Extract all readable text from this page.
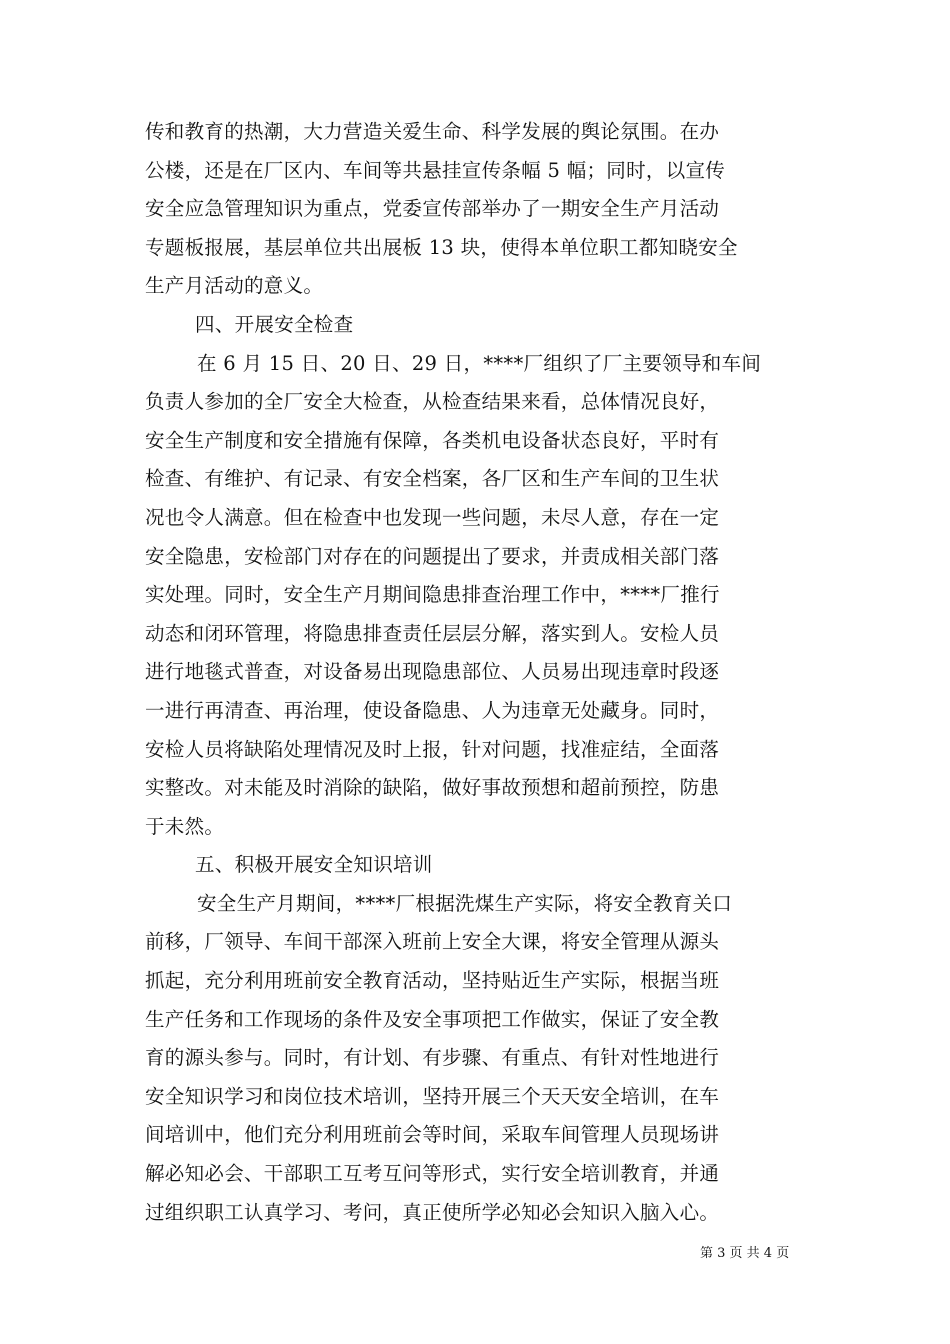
传和教育的热潮，大力营造关爱生命、科学发展的舆论氛围。在办
公楼，还是在厂区内、车间等共悬挂宣传条幅 5 幅；同时，以宣传
安全应急管理知识为重点，党委宣传部举办了一期安全生产月活动
专题板报展，基层单位共出展板 13 块，使得本单位职工都知晓安全
生产月活动的意义。
四、开展安全检查
在 6 月 15 日、20 日、29 日，****厂组织了厂主要领导和车间
负责人参加的全厂安全大检查，从检查结果来看，总体情况良好，
安全生产制度和安全措施有保障，各类机电设备状态良好，平时有
检查、有维护、有记录、有安全档案，各厂区和生产车间的卫生状
况也令人满意。但在检查中也发现一些问题，未尽人意，存在一定
安全隐患，安检部门对存在的问题提出了要求，并责成相关部门落
实处理。同时，安全生产月期间隐患排查治理工作中，****厂推行
动态和闭环管理，将隐患排查责任层层分解，落实到人。安检人员
进行地毯式普查，对设备易出现隐患部位、人员易出现违章时段逐
一进行再清查、再治理，使设备隐患、人为违章无处藏身。同时，
安检人员将缺陷处理情况及时上报，针对问题，找准症结，全面落
实整改。对未能及时消除的缺陷，做好事故预想和超前预控，防患
于未然。
五、积极开展安全知识培训
安全生产月期间，****厂根据洗煤生产实际，将安全教育关口
前移，厂领导、车间干部深入班前上安全大课，将安全管理从源头
抓起，充分利用班前安全教育活动，坚持贴近生产实际，根据当班
生产任务和工作现场的条件及安全事项把工作做实，保证了安全教
育的源头参与。同时，有计划、有步骤、有重点、有针对性地进行
安全知识学习和岗位技术培训，坚持开展三个天天安全培训，在车
间培训中，他们充分利用班前会等时间，采取车间管理人员现场讲
解必知必会、干部职工互考互问等形式，实行安全培训教育，并通
过组织职工认真学习、考问，真正使所学必知必会知识入脑入心。
第 3 页 共 4 页
